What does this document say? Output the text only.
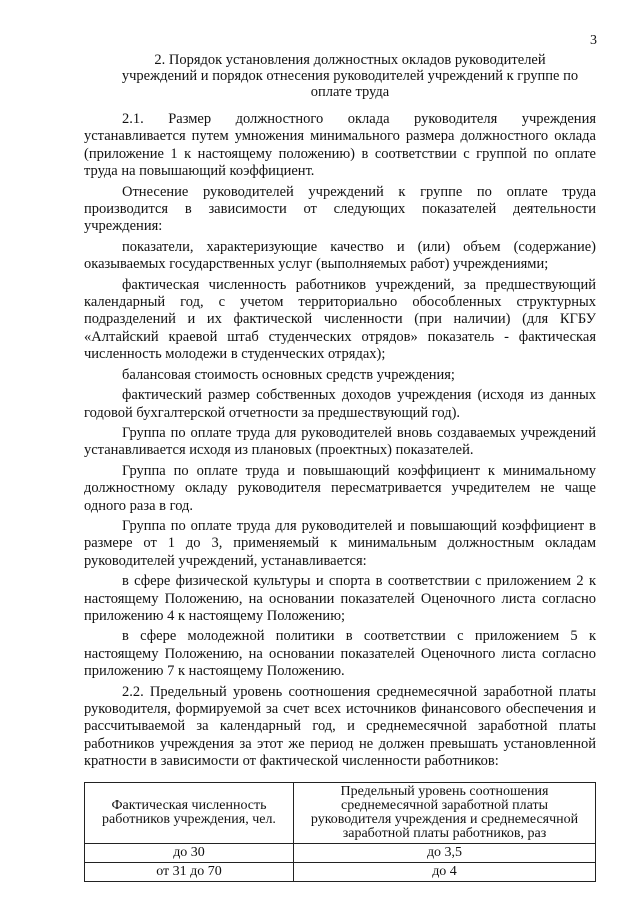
3
2. Порядок установления должностных окладов руководителей учреждений и порядок отнесения руководителей учреждений к группе по оплате труда

2.1. Размер должностного оклада руководителя учреждения устанавливается путем умножения минимального размера должностного оклада (приложение 1 к настоящему положению) в соответствии с группой по оплате труда на повышающий коэффициент.

Отнесение руководителей учреждений к группе по оплате труда производится в зависимости от следующих показателей деятельности учреждения:

показатели, характеризующие качество и (или) объем (содержание) оказываемых государственных услуг (выполняемых работ) учреждениями;

фактическая численность работников учреждений, за предшествующий календарный год, с учетом территориально обособленных структурных подразделений и их фактической численности (при наличии) (для КГБУ «Алтайский краевой штаб студенческих отрядов» показатель - фактическая численность молодежи в студенческих отрядах);

балансовая стоимость основных средств учреждения;

фактический размер собственных доходов учреждения (исходя из данных годовой бухгалтерской отчетности за предшествующий год).

Группа по оплате труда для руководителей вновь создаваемых учреждений устанавливается исходя из плановых (проектных) показателей.

Группа по оплате труда и повышающий коэффициент к минимальному должностному окладу руководителя пересматривается учредителем не чаще одного раза в год.

Группа по оплате труда для руководителей и повышающий коэффициент в размере от 1 до 3, применяемый к минимальным должностным окладам руководителей учреждений, устанавливается:

в сфере физической культуры и спорта в соответствии с приложением 2 к настоящему Положению, на основании показателей Оценочного листа согласно приложению 4 к настоящему Положению;

в сфере молодежной политики в соответствии с приложением 5 к настоящему Положению, на основании показателей Оценочного листа согласно приложению 7 к настоящему Положению.

2.2. Предельный уровень соотношения среднемесячной заработной платы руководителя, формируемой за счет всех источников финансового обеспечения и рассчитываемой за календарный год, и среднемесячной заработной платы работников учреждения за этот же период не должен превышать установленной кратности в зависимости от фактической численности работников:

Фактическая численность работников учреждения, чел.	Предельный уровень соотношения среднемесячной заработной платы руководителя учреждения и среднемесячной заработной платы работников, раз
до 30	до 3,5
от 31 до 70	до 4
